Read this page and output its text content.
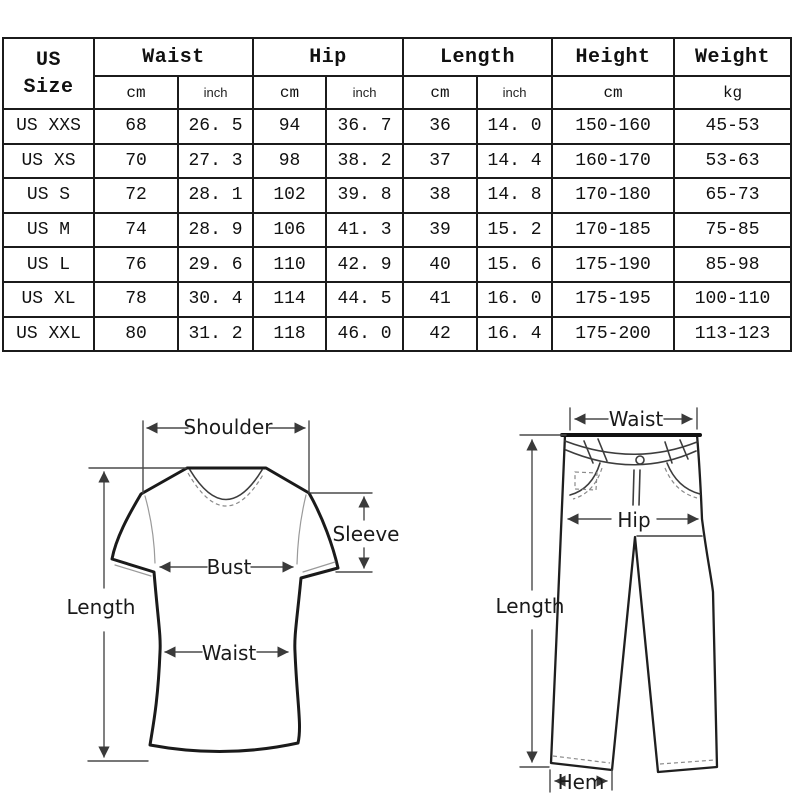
US
Size	Waist		Hip		Length		Height	Weight
	cm	inch	cm	inch	cm	inch	cm	kg
US XXS	68	26. 5	94	36. 7	36	14. 0	150-160	45-53
US XS	70	27. 3	98	38. 2	37	14. 4	160-170	53-63
US S	72	28. 1	102	39. 8	38	14. 8	170-180	65-73
US M	74	28. 9	106	41. 3	39	15. 2	170-185	75-85
US L	76	29. 6	110	42. 9	40	15. 6	175-190	85-98
US XL	78	30. 4	114	44. 5	41	16. 0	175-195	100-110
US XXL	80	31. 2	118	46. 0	42	16. 4	175-200	113-123
Shoulder
Sleeve
Bust
Waist
Length
Waist
Hip
Length
Hem
